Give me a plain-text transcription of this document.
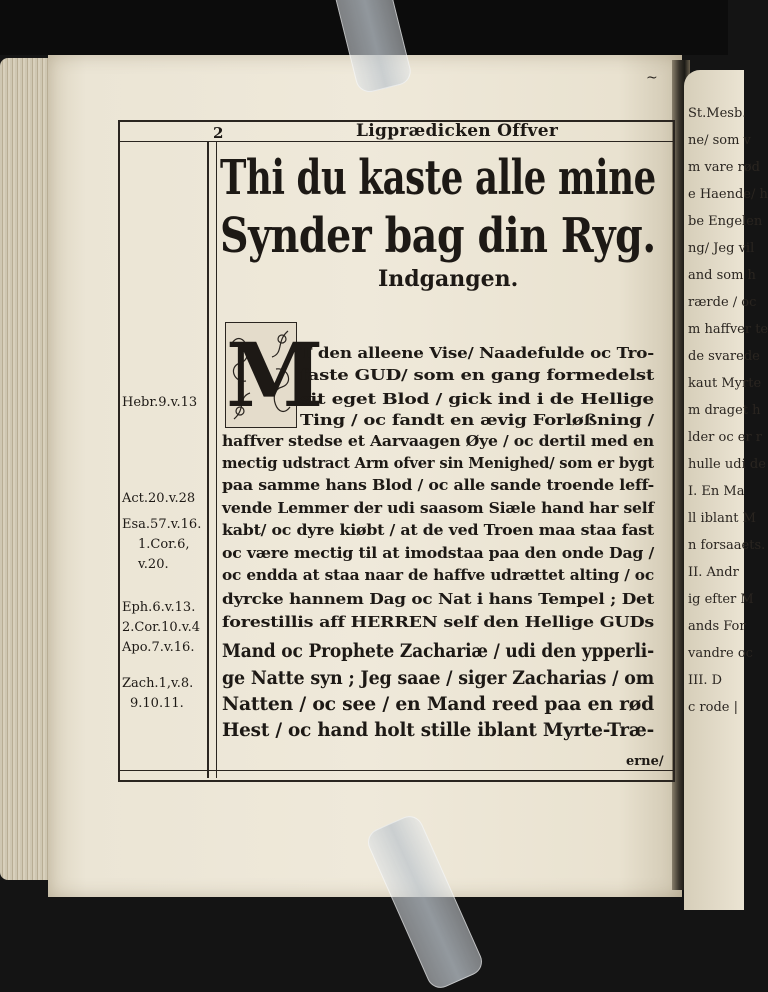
St.Mesb.
ne/ som v
m vare rød
e Haende/ h
be Engelen
ng/ Jeg vil
and som h
rærde / oc
m haffver te
de svarede
kaut Myrte
m draget h
lder oc er r
hulle udi de
I. En Ma
ll iblant M
n forsaaets.
II. Andr
ig efter M
ands For
vandre oc
III. D
c rode |
~
2	Ligprædicken Offver
Thi du kaste alle mine
Synder bag din Ryg.
Indgangen.
M
T den alleene Vise/ Naadefulde oc Tro-
faste GUD/ som en gang formedelst
sit eget Blod / gick ind i de Hellige
Ting / oc fandt en ævig Forløßning /
haffver stedse et Aarvaagen Øye / oc dertil med en
mectig udstract Arm ofver sin Menighed/ som er bygt
paa samme hans Blod / oc alle sande troende leff-
vende Lemmer der udi saasom Siæle hand har self
kabt/ oc dyre kiøbt / at de ved Troen maa staa fast
oc være mectig til at imodstaa paa den onde Dag /
oc endda at staa naar de haffve udrættet alting / oc
dyrcke hannem Dag oc Nat i hans Tempel ; Det
forestillis aff HERREN self den Hellige GUDs
Mand oc Prophete Zachariæ / udi den ypperli-
ge Natte syn ; Jeg saae / siger Zacharias / om
Natten / oc see / en Mand reed paa en rød
Hest / oc hand holt stille iblant Myrte-Træ-
Hebr.9.v.13
Act.20.v.28
Esa.57.v.16.
1.Cor.6,
v.20.
Eph.6.v.13.
2.Cor.10.v.4
Apo.7.v.16.
Zach.1,v.8.
9.10.11.
erne/
